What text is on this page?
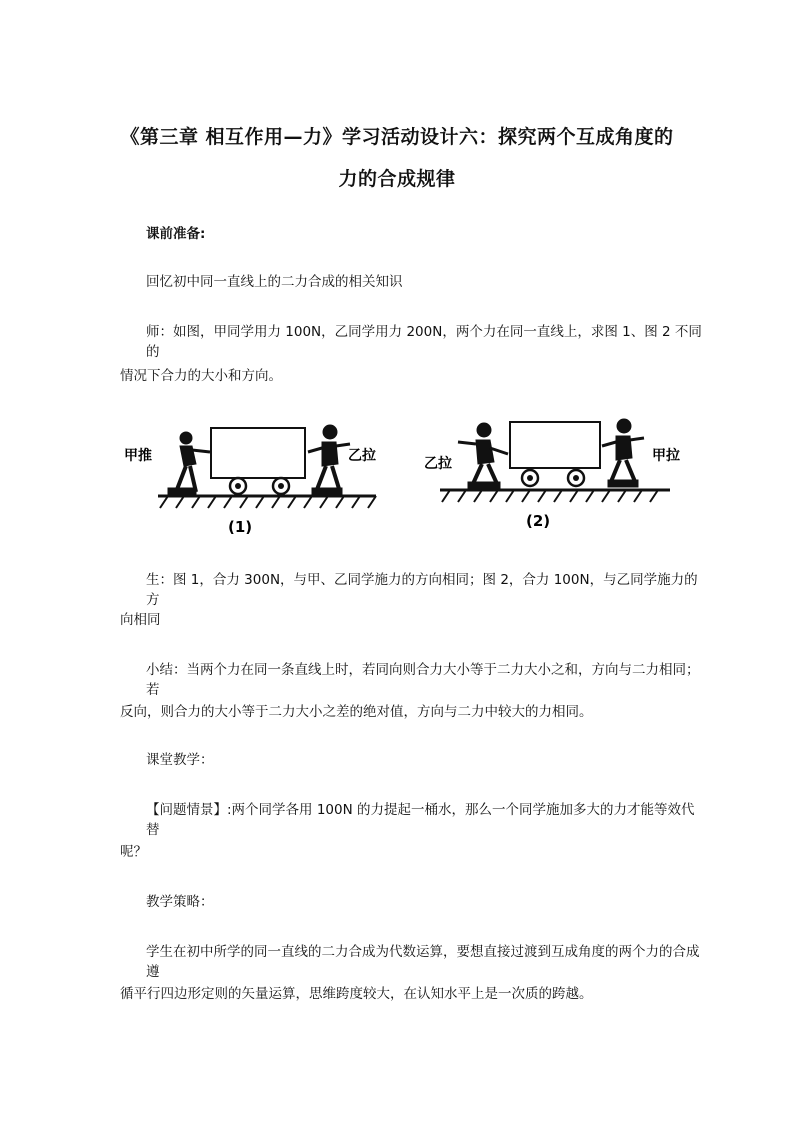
《第三章 相互作用—力》学习活动设计六：探究两个互成角度的
力的合成规律
课前准备:
回忆初中同一直线上的二力合成的相关知识
师：如图，甲同学用力 100N，乙同学用力 200N，两个力在同一直线上，求图 1、图 2 不同的
情况下合力的大小和方向。
甲推	乙拉
(1)
乙拉	甲拉
(2)
生：图 1，合力 300N，与甲、乙同学施力的方向相同；图 2，合力 100N，与乙同学施力的方
向相同
小结：当两个力在同一条直线上时，若同向则合力大小等于二力大小之和，方向与二力相同；若
反向，则合力的大小等于二力大小之差的绝对值，方向与二力中较大的力相同。
课堂教学：
【问题情景】:两个同学各用 100N 的力提起一桶水，那么一个同学施加多大的力才能等效代替
呢？
教学策略：
学生在初中所学的同一直线的二力合成为代数运算，要想直接过渡到互成角度的两个力的合成遵
循平行四边形定则的矢量运算，思维跨度较大，在认知水平上是一次质的跨越。
